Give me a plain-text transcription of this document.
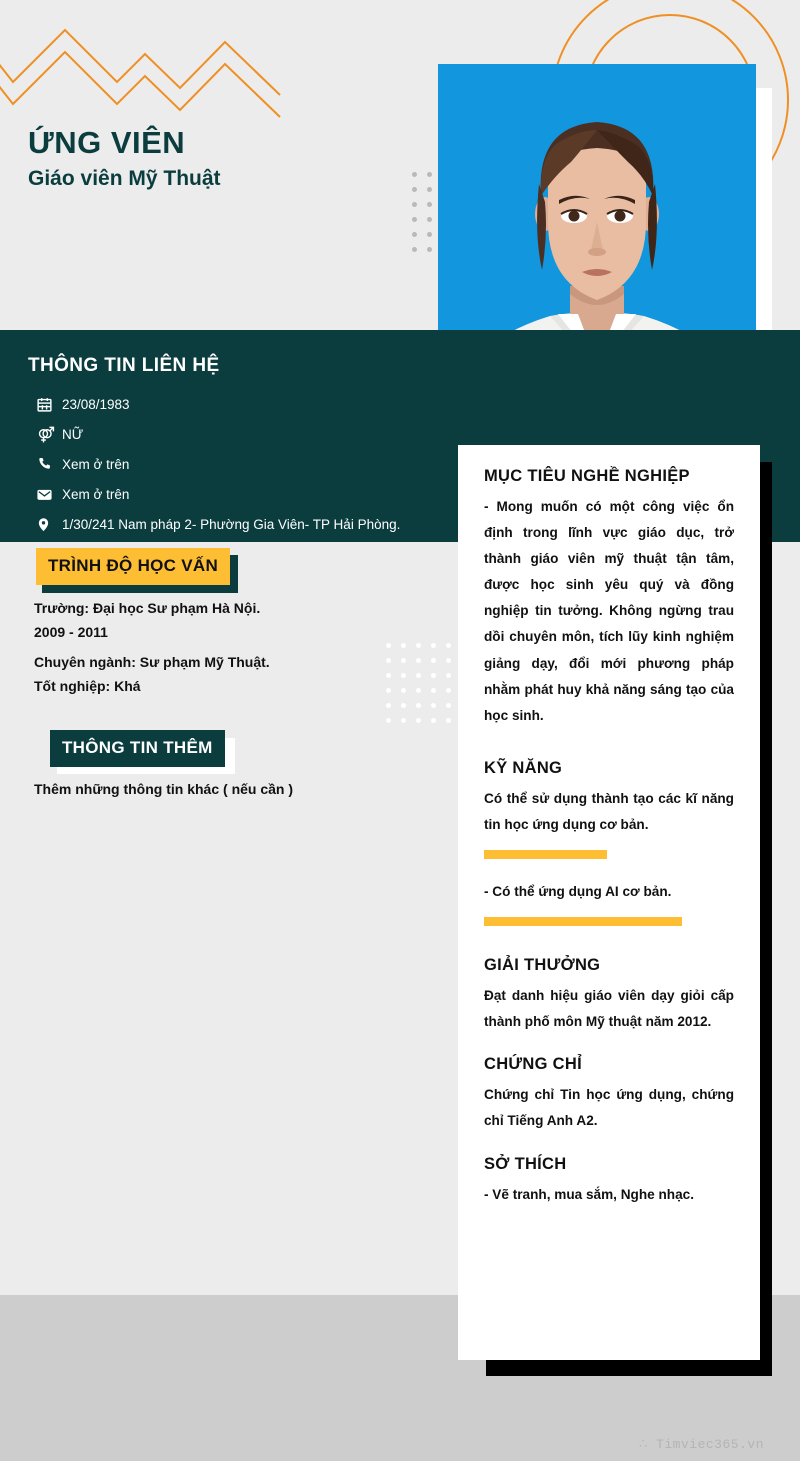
ỨNG VIÊN
Giáo viên Mỹ Thuật
THÔNG TIN LIÊN HỆ
23/08/1983
NỮ
Xem ở trên
Xem ở trên
1/30/241 Nam pháp 2- Phường Gia Viên- TP Hải Phòng.
TRÌNH ĐỘ HỌC VẤN
Trường: Đại học Sư phạm Hà Nội.
2009 - 2011
Chuyên ngành: Sư phạm Mỹ Thuật.
Tốt nghiệp: Khá
THÔNG TIN THÊM
Thêm những thông tin khác ( nếu cần )
MỤC TIÊU NGHỀ NGHIỆP

- Mong muốn có một công việc ổn định trong lĩnh vực giáo dục, trở thành giáo viên mỹ thuật tận tâm, được học sinh yêu quý và đồng nghiệp tin tưởng. Không ngừng trau dồi chuyên môn, tích lũy kinh nghiệm giảng dạy, đổi mới phương pháp nhằm phát huy khả năng sáng tạo của học sinh.

KỸ NĂNG

Có thể sử dụng thành tạo các kĩ năng tin học ứng dụng cơ bản.

- Có thể ứng dụng AI cơ bản.

GIẢI THƯỞNG

Đạt danh hiệu giáo viên dạy giỏi cấp thành phố môn Mỹ thuật năm 2012.

CHỨNG CHỈ

Chứng chỉ Tin học ứng dụng, chứng chỉ Tiếng Anh A2.

SỞ THÍCH

- Vẽ tranh, mua sắm, Nghe nhạc.

∴ Timviec365.vn
